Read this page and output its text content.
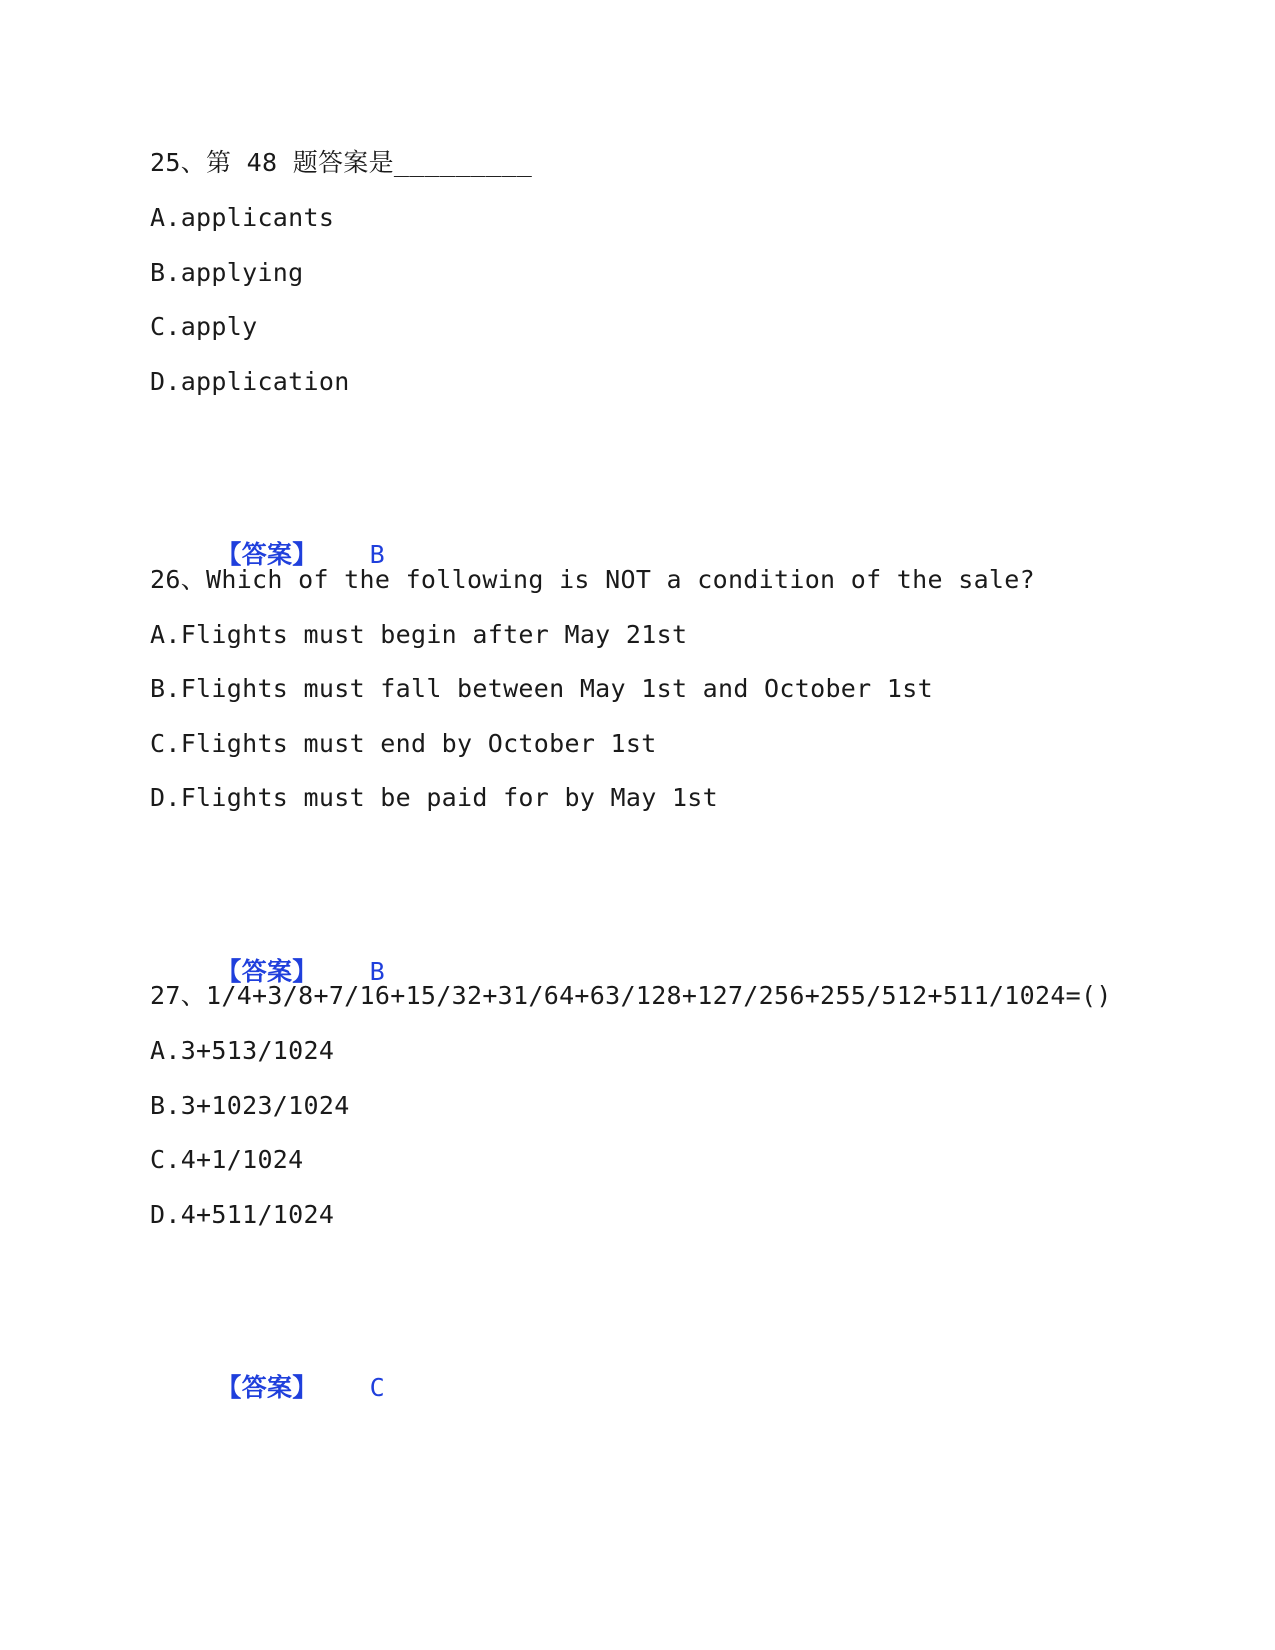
25、第 48 题答案是_________
A.applicants
B.applying
C.apply
D.application

【答案】 B

26、Which of the following is NOT a condition of the sale?
A.Flights must begin after May 21st
B.Flights must fall between May 1st and October 1st
C.Flights must end by October 1st
D.Flights must be paid for by May 1st

【答案】 B

27、1/4+3/8+7/16+15/32+31/64+63/128+127/256+255/512+511/1024=()
A.3+513/1024
B.3+1023/1024
C.4+1/1024
D.4+511/1024

【答案】 C
